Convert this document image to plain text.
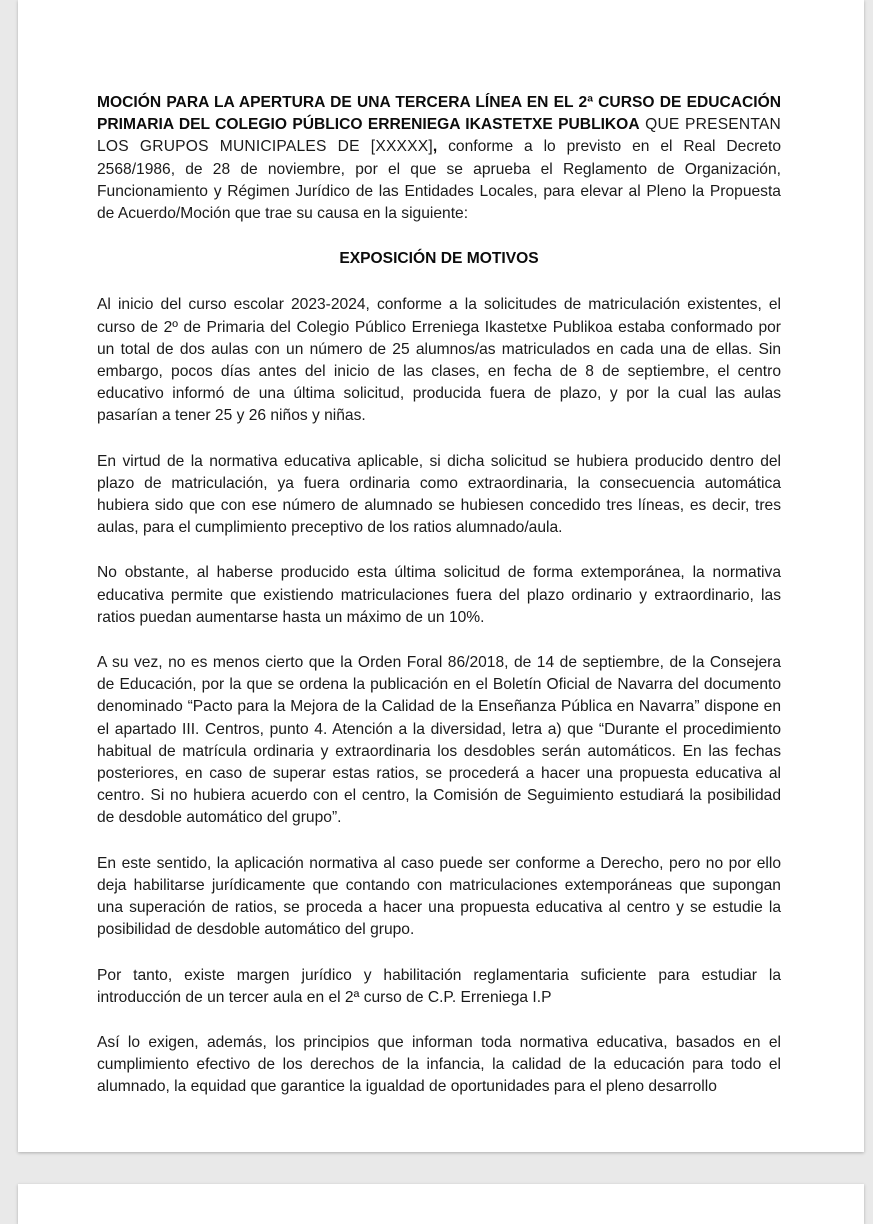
MOCIÓN PARA LA APERTURA DE UNA TERCERA LÍNEA EN EL 2ª CURSO DE EDUCACIÓN PRIMARIA DEL COLEGIO PÚBLICO ERRENIEGA IKASTETXE PUBLIKOA QUE PRESENTAN LOS GRUPOS MUNICIPALES DE [XXXXX], conforme a lo previsto en el Real Decreto 2568/1986, de 28 de noviembre, por el que se aprueba el Reglamento de Organización, Funcionamiento y Régimen Jurídico de las Entidades Locales, para elevar al Pleno la Propuesta de Acuerdo/Moción que trae su causa en la siguiente:

EXPOSICIÓN DE MOTIVOS

Al inicio del curso escolar 2023-2024, conforme a la solicitudes de matriculación existentes, el curso de 2º de Primaria del Colegio Público Erreniega Ikastetxe Publikoa estaba conformado por un total de dos aulas con un número de 25 alumnos/as matriculados en cada una de ellas. Sin embargo, pocos días antes del inicio de las clases, en fecha de 8 de septiembre, el centro educativo informó de una última solicitud, producida fuera de plazo, y por la cual las aulas pasarían a tener 25 y 26 niños y niñas.

En virtud de la normativa educativa aplicable, si dicha solicitud se hubiera producido dentro del plazo de matriculación, ya fuera ordinaria como extraordinaria, la consecuencia automática hubiera sido que con ese número de alumnado se hubiesen concedido tres líneas, es decir, tres aulas, para el cumplimiento preceptivo de los ratios alumnado/aula.

No obstante, al haberse producido esta última solicitud de forma extemporánea, la normativa educativa permite que existiendo matriculaciones fuera del plazo ordinario y extraordinario, las ratios puedan aumentarse hasta un máximo de un 10%.

A su vez, no es menos cierto que la Orden Foral 86/2018, de 14 de septiembre, de la Consejera de Educación, por la que se ordena la publicación en el Boletín Oficial de Navarra del documento denominado “Pacto para la Mejora de la Calidad de la Enseñanza Pública en Navarra” dispone en el apartado III. Centros, punto 4. Atención a la diversidad, letra a) que “Durante el procedimiento habitual de matrícula ordinaria y extraordinaria los desdobles serán automáticos. En las fechas posteriores, en caso de superar estas ratios, se procederá a hacer una propuesta educativa al centro. Si no hubiera acuerdo con el centro, la Comisión de Seguimiento estudiará la posibilidad de desdoble automático del grupo”.

En este sentido, la aplicación normativa al caso puede ser conforme a Derecho, pero no por ello deja habilitarse jurídicamente que contando con matriculaciones extemporáneas que supongan una superación de ratios, se proceda a hacer una propuesta educativa al centro y se estudie la posibilidad de desdoble automático del grupo.

Por tanto, existe margen jurídico y habilitación reglamentaria suficiente para estudiar la introducción de un tercer aula en el 2ª curso de C.P. Erreniega I.P

Así lo exigen, además, los principios que informan toda normativa educativa, basados en el cumplimiento efectivo de los derechos de la infancia, la calidad de la educación para todo el alumnado, la equidad que garantice la igualdad de oportunidades para el pleno desarrollo
